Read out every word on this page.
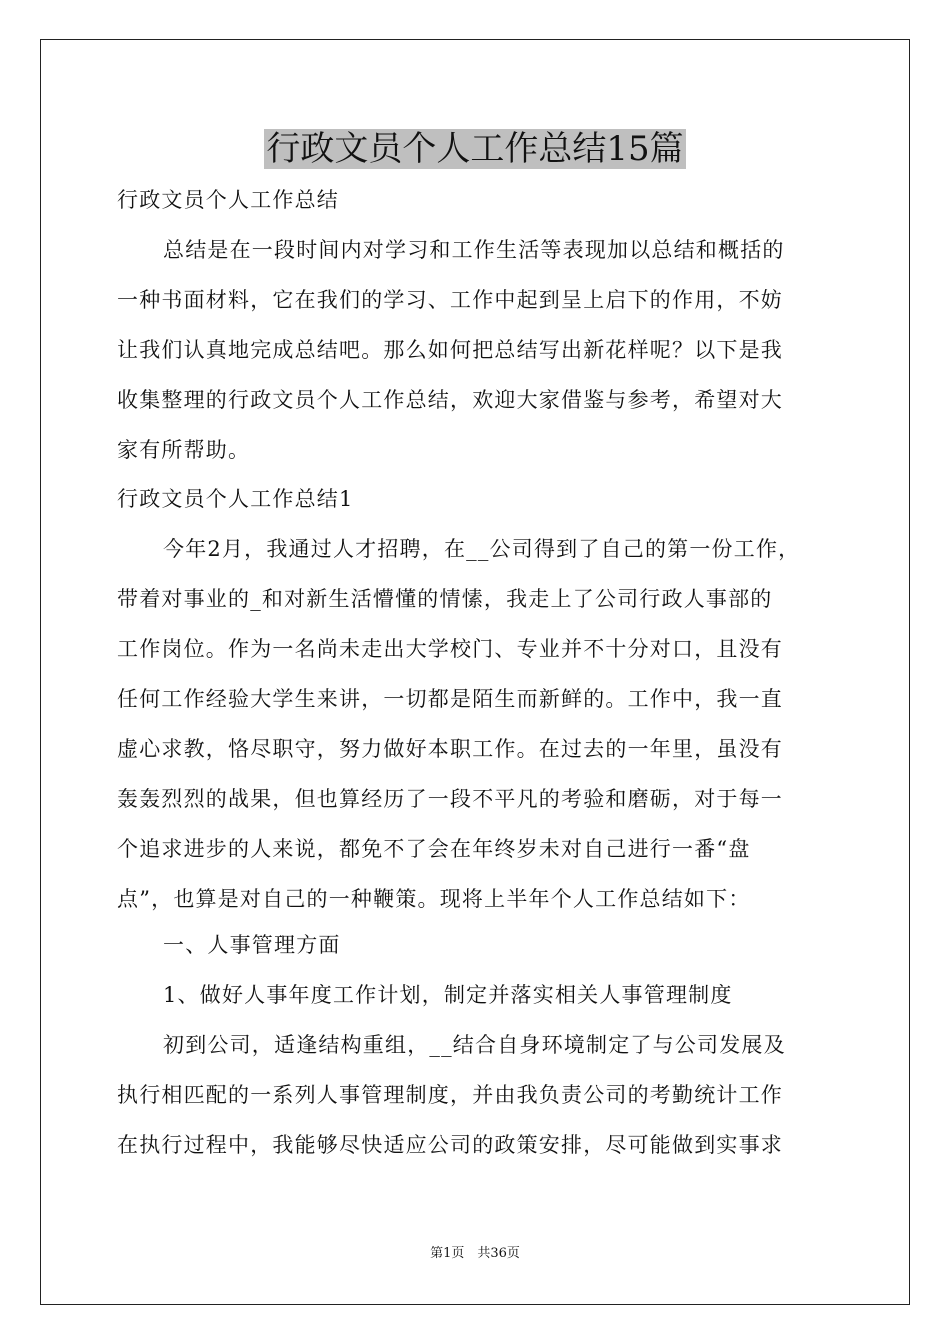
行政文员个人工作总结15篇
行政文员个人工作总结
总结是在一段时间内对学习和工作生活等表现加以总结和概括的
一种书面材料，它在我们的学习、工作中起到呈上启下的作用，不妨
让我们认真地完成总结吧。那么如何把总结写出新花样呢？以下是我
收集整理的行政文员个人工作总结，欢迎大家借鉴与参考，希望对大
家有所帮助。
行政文员个人工作总结1
今年2月，我通过人才招聘，在__公司得到了自己的第一份工作，
带着对事业的_和对新生活懵懂的情愫，我走上了公司行政人事部的
工作岗位。作为一名尚未走出大学校门、专业并不十分对口，且没有
任何工作经验大学生来讲，一切都是陌生而新鲜的。工作中，我一直
虚心求教，恪尽职守，努力做好本职工作。在过去的一年里，虽没有
轰轰烈烈的战果，但也算经历了一段不平凡的考验和磨砺，对于每一
个追求进步的人来说，都免不了会在年终岁未对自己进行一番“盘
点”，也算是对自己的一种鞭策。现将上半年个人工作总结如下：
一、人事管理方面
1、做好人事年度工作计划，制定并落实相关人事管理制度
初到公司，适逢结构重组，__结合自身环境制定了与公司发展及
执行相匹配的一系列人事管理制度，并由我负责公司的考勤统计工作
在执行过程中，我能够尽快适应公司的政策安排，尽可能做到实事求
第1页　共36页
